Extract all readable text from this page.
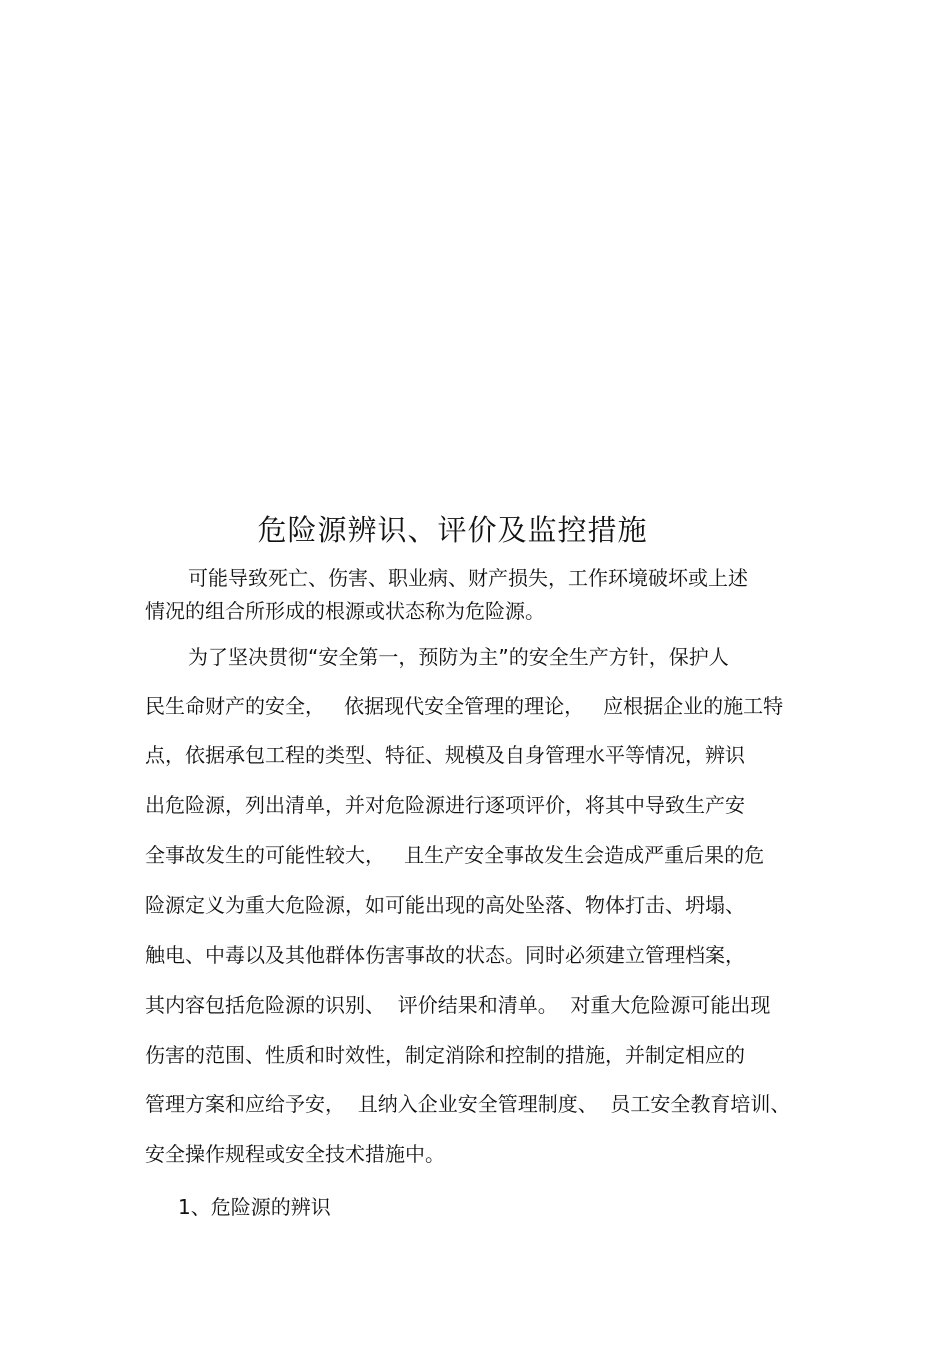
危险源辨识、评价及监控措施
可能导致死亡、伤害、职业病、财产损失，工作环境破坏或上述
情况的组合所形成的根源或状态称为危险源。
为了坚决贯彻“安全第一，预防为主”的安全生产方针，保护人
民生命财产的安全，   依据现代安全管理的理论，   应根据企业的施工特
点，依据承包工程的类型、特征、规模及自身管理水平等情况，辨识
出危险源，列出清单，并对危险源进行逐项评价，将其中导致生产安
全事故发生的可能性较大，   且生产安全事故发生会造成严重后果的危
险源定义为重大危险源，如可能出现的高处坠落、物体打击、坍塌、
触电、中毒以及其他群体伤害事故的状态。同时必须建立管理档案，
其内容包括危险源的识别、  评价结果和清单。  对重大危险源可能出现
伤害的范围、性质和时效性，制定消除和控制的措施，并制定相应的
管理方案和应给予安，  且纳入企业安全管理制度、  员工安全教育培训、
安全操作规程或安全技术措施中。
1、危险源的辨识
